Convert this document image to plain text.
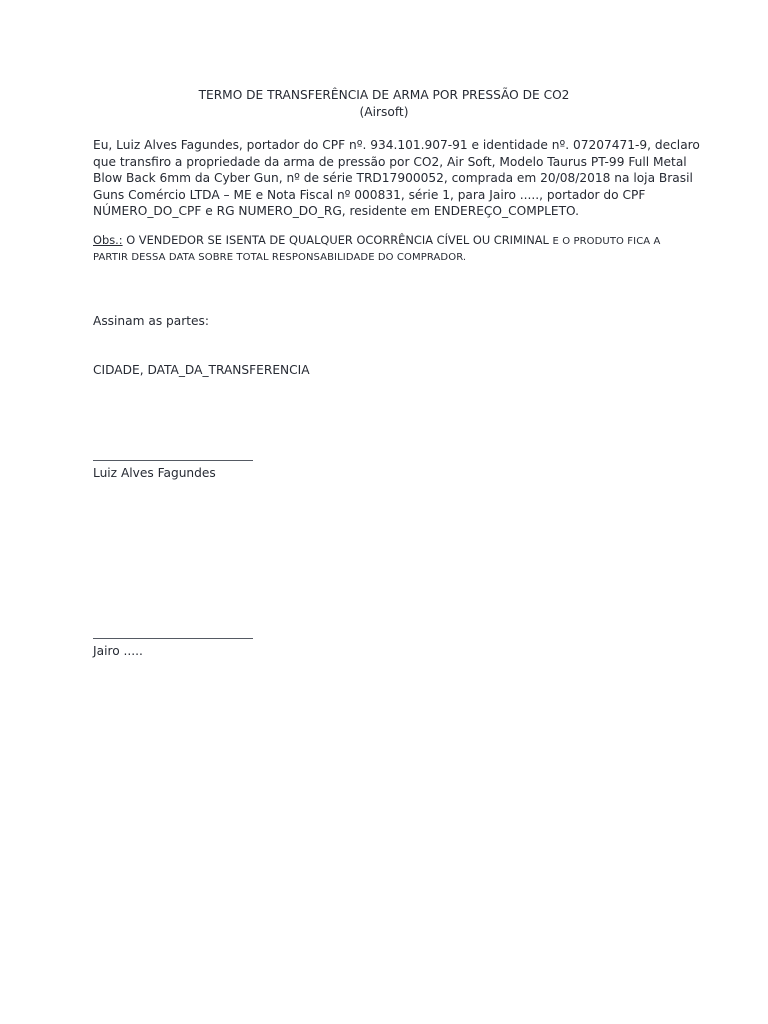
TERMO DE TRANSFERÊNCIA DE ARMA POR PRESSÃO DE CO2
(Airsoft)
Eu, Luiz Alves Fagundes, portador do CPF nº. 934.101.907-91 e identidade nº. 07207471-9, declaro
que transfiro a propriedade da arma de pressão por CO2, Air Soft, Modelo Taurus PT-99 Full Metal
Blow Back 6mm da Cyber Gun, nº de série TRD17900052, comprada em 20/08/2018 na loja Brasil
Guns Comércio LTDA – ME e Nota Fiscal nº 000831, série 1, para Jairo ....., portador do CPF
NÚMERO_DO_CPF e RG NUMERO_DO_RG, residente em ENDEREÇO_COMPLETO.
Obs.: O VENDEDOR SE ISENTA DE QUALQUER OCORRÊNCIA CÍVEL OU CRIMINAL E O PRODUTO FICA A
PARTIR DESSA DATA SOBRE TOTAL RESPONSABILIDADE DO COMPRADOR.
Assinam as partes:
CIDADE, DATA_DA_TRANSFERENCIA
Luiz Alves Fagundes
Jairo .....
